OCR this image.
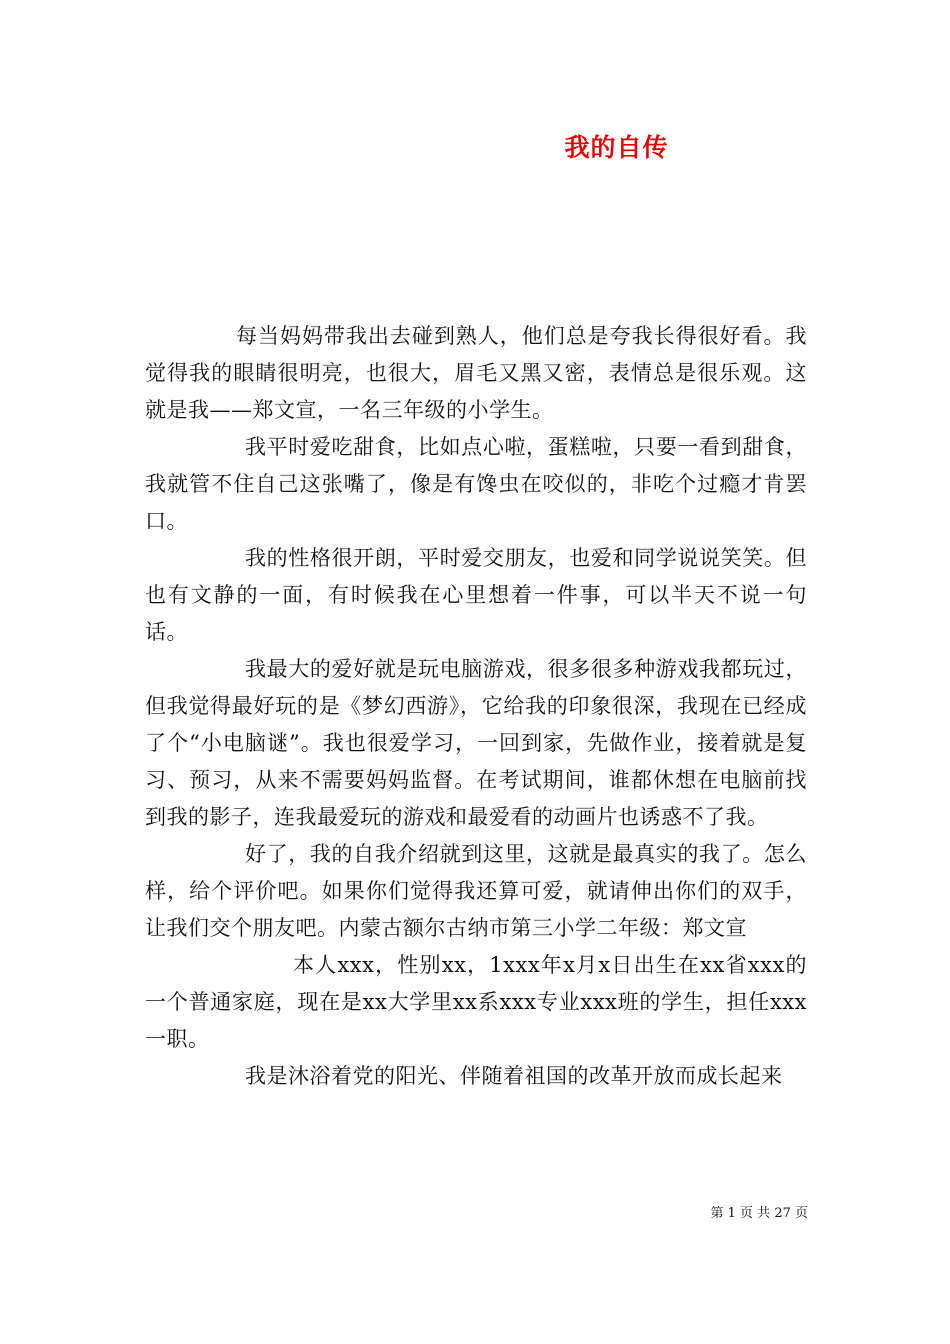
我的自传

每当妈妈带我出去碰到熟人，他们总是夸我长得很好看。我觉得我的眼睛很明亮，也很大，眉毛又黑又密，表情总是很乐观。这就是我——郑文宣，一名三年级的小学生。

我平时爱吃甜食，比如点心啦，蛋糕啦，只要一看到甜食，我就管不住自己这张嘴了，像是有馋虫在咬似的，非吃个过瘾才肯罢口。

我的性格很开朗，平时爱交朋友，也爱和同学说说笑笑。但也有文静的一面，有时候我在心里想着一件事，可以半天不说一句话。

我最大的爱好就是玩电脑游戏，很多很多种游戏我都玩过，但我觉得最好玩的是《梦幻西游》，它给我的印象很深，我现在已经成了个“小电脑谜”。我也很爱学习，一回到家，先做作业，接着就是复习、预习，从来不需要妈妈监督。在考试期间，谁都休想在电脑前找到我的影子，连我最爱玩的游戏和最爱看的动画片也诱惑不了我。

好了，我的自我介绍就到这里，这就是最真实的我了。怎么样，给个评价吧。如果你们觉得我还算可爱，就请伸出你们的双手，让我们交个朋友吧。内蒙古额尔古纳市第三小学二年级：郑文宣

本人xxx，性别xx，1xxx年x月x日出生在xx省xxx的一个普通家庭，现在是xx大学里xx系xxx专业xxx班的学生，担任xxx一职。

我是沐浴着党的阳光、伴随着祖国的改革开放而成长起来

第 1 页 共 27 页
